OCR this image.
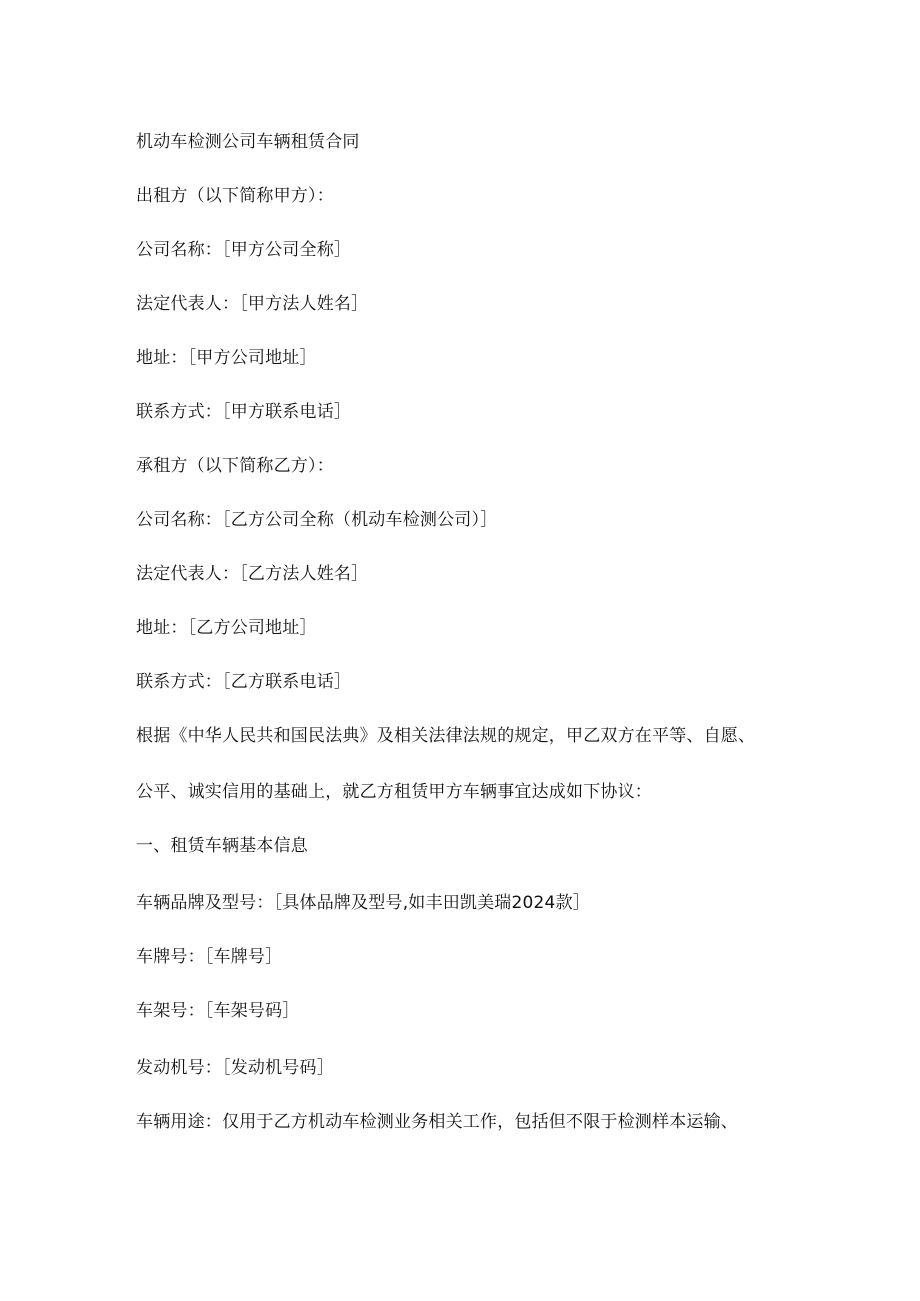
机动车检测公司车辆租赁合同
出租方（以下简称甲方）：
公司名称：［甲方公司全称］
法定代表人：［甲方法人姓名］
地址：［甲方公司地址］
联系方式：［甲方联系电话］
承租方（以下简称乙方）：
公司名称：［乙方公司全称（机动车检测公司）］
法定代表人：［乙方法人姓名］
地址：［乙方公司地址］
联系方式：［乙方联系电话］
根据《中华人民共和国民法典》及相关法律法规的规定，甲乙双方在平等、自愿、
公平、诚实信用的基础上，就乙方租赁甲方车辆事宜达成如下协议：
一、租赁车辆基本信息
车辆品牌及型号：［具体品牌及型号,如丰田凯美瑞2024款］
车牌号：［车牌号］
车架号：［车架号码］
发动机号：［发动机号码］
车辆用途：仅用于乙方机动车检测业务相关工作，包括但不限于检测样本运输、
